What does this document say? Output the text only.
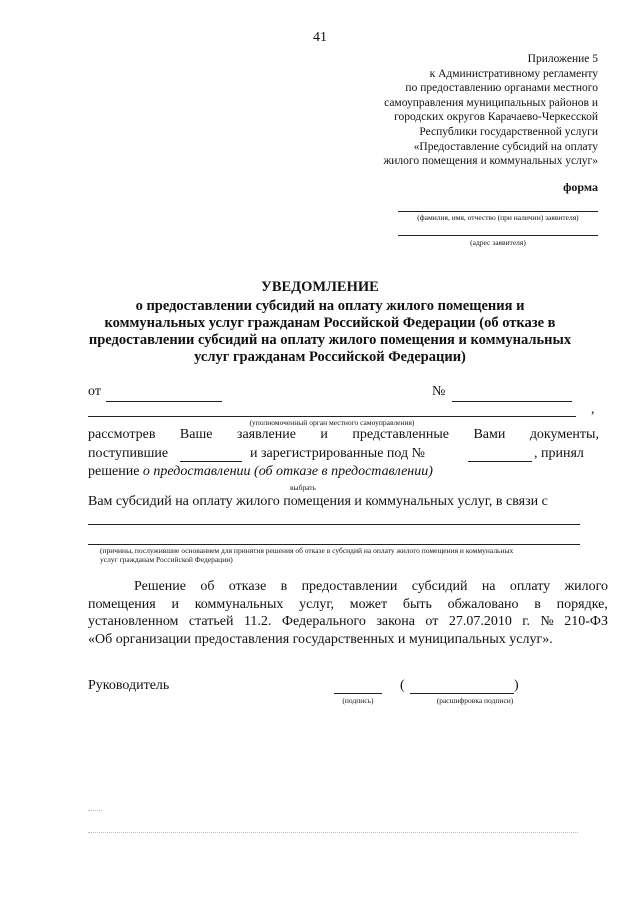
41
Приложение 5
к Административному регламенту
по предоставлению органами местного
самоуправления муниципальных районов и
городских округов Карачаево-Черкесской
Республики государственной услуги
«Предоставление субсидий на оплату
жилого помещения и коммунальных услуг»
форма
(фамилия, имя, отчество (при наличии) заявителя)
(адрес заявителя)
УВЕДОМЛЕНИЕ
о предоставлении субсидий на оплату жилого помещения и
коммунальных услуг гражданам Российской Федерации (об отказе в
предоставлении субсидий на оплату жилого помещения и коммунальных
услуг гражданам Российской Федерации)
от	№
,
(уполномоченный орган местного самоуправления)
рассмотрев Ваше заявление и представленные Вами документы,
поступившие	и зарегистрированные под №	, принял
решение о предоставлении (об отказе в предоставлении)
выбрать
Вам субсидий на оплату жилого помещения и коммунальных услуг, в связи с
(причины, послужившие основанием для принятия решения об отказе в субсидий на оплату жилого помещения и коммунальных
услуг гражданам Российской Федерации)
Решение об отказе в предоставлении субсидий на оплату жилого
помещения и коммунальных услуг, может быть обжаловано в порядке,
установленном статьей 11.2. Федерального закона от 27.07.2010 г. № 210-ФЗ
«Об организации предоставления государственных и муниципальных услуг».
Руководитель
(подпись)
(	)
(расшифровка подписи)
